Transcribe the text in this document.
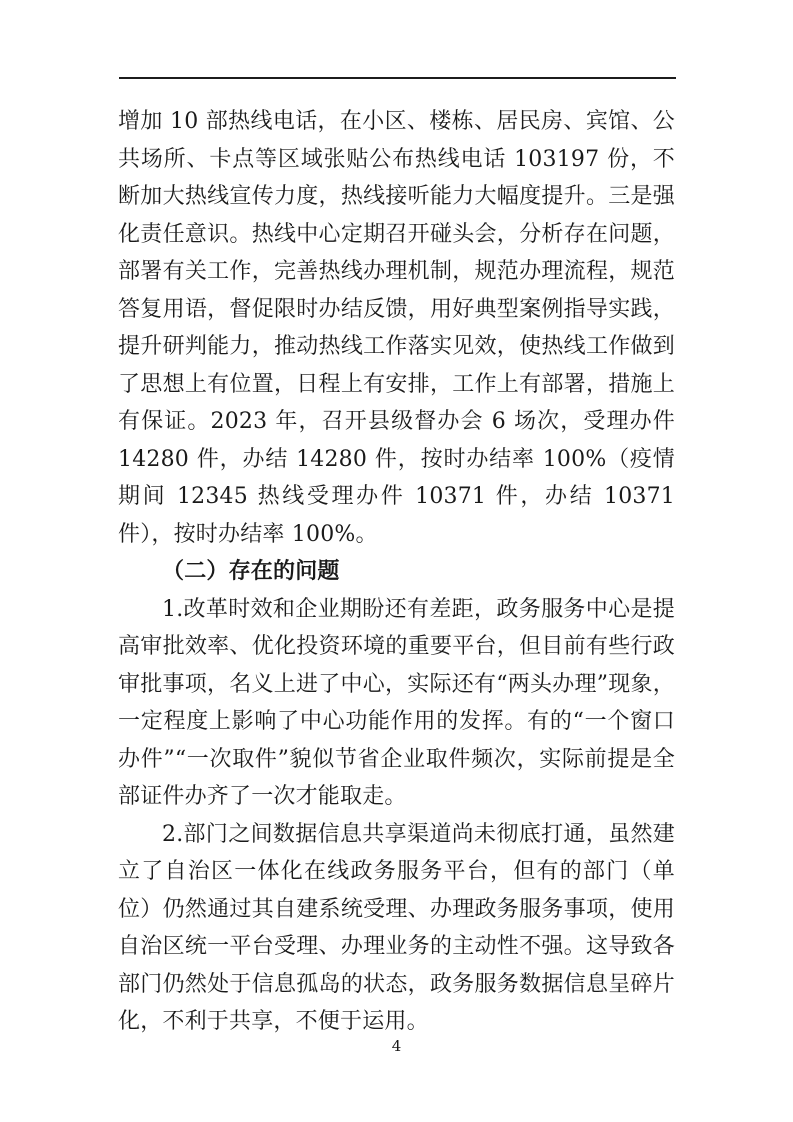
增加 10 部热线电话，在小区、楼栋、居民房、宾馆、公共场所、卡点等区域张贴公布热线电话 103197 份，不断加大热线宣传力度，热线接听能力大幅度提升。三是强化责任意识。热线中心定期召开碰头会，分析存在问题，部署有关工作，完善热线办理机制，规范办理流程，规范答复用语，督促限时办结反馈，用好典型案例指导实践，提升研判能力，推动热线工作落实见效，使热线工作做到了思想上有位置，日程上有安排，工作上有部署，措施上有保证。2023 年，召开县级督办会 6 场次，受理办件 14280 件，办结 14280 件，按时办结率 100%（疫情期间 12345 热线受理办件 10371 件，办结 10371 件），按时办结率 100%。

（二）存在的问题

1.改革时效和企业期盼还有差距，政务服务中心是提高审批效率、优化投资环境的重要平台，但目前有些行政审批事项，名义上进了中心，实际还有“两头办理”现象，一定程度上影响了中心功能作用的发挥。有的“一个窗口办件”“一次取件”貌似节省企业取件频次，实际前提是全部证件办齐了一次才能取走。

2.部门之间数据信息共享渠道尚未彻底打通，虽然建立了自治区一体化在线政务服务平台，但有的部门（单位）仍然通过其自建系统受理、办理政务服务事项，使用自治区统一平台受理、办理业务的主动性不强。这导致各部门仍然处于信息孤岛的状态，政务服务数据信息呈碎片化，不利于共享，不便于运用。

4
